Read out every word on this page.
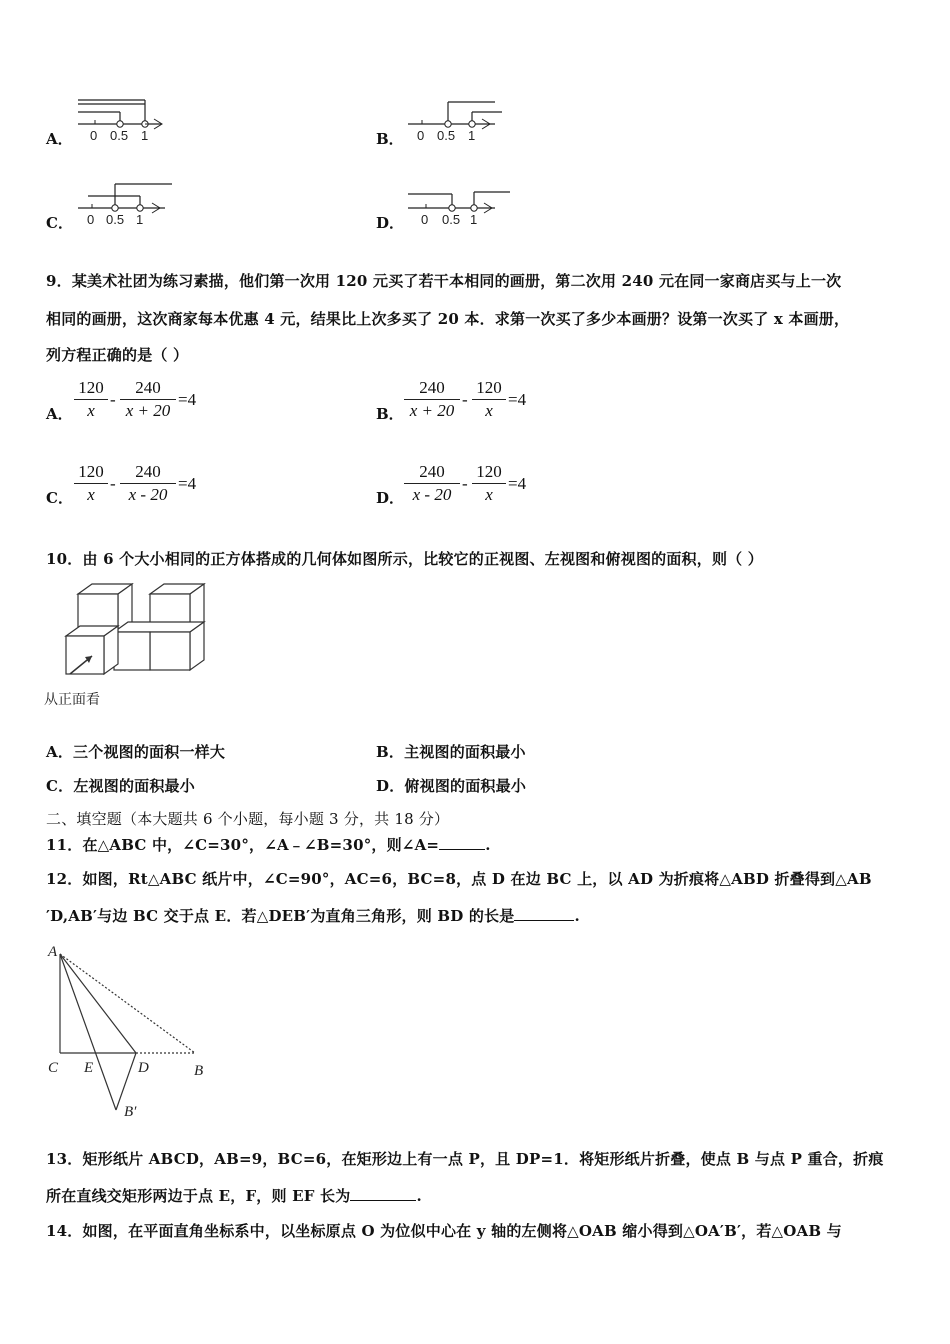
A． 0 0.5 1	B． 0 0.5 1
C． 0 0.5 1	D． 0 0.5 1
9．某美术社团为练习素描，他们第一次用 120 元买了若干本相同的画册，第二次用 240 元在同一家商店买与上一次
相同的画册，这次商家每本优惠 4 元，结果比上次多买了 20 本．求第一次买了多少本画册？设第一次买了 x 本画册，
列方程正确的是（ ）
A．
120
x
-
240
x + 20
=4
B．
240
x + 20
-
120
x
=4
C．
120
x
-
240
x - 20
=4
D．
240
x - 20
-
120
x
=4
10．由 6 个大小相同的正方体搭成的几何体如图所示，比较它的正视图、左视图和俯视图的面积，则（ ）
从正面看
A．三个视图的面积一样大	B．主视图的面积最小
C．左视图的面积最小	D．俯视图的面积最小
二、填空题（本大题共 6 个小题，每小题 3 分，共 18 分）
11．在△ABC 中，∠C=30°，∠A﹣∠B=30°，则∠A=	.
12．如图，Rt△ABC 纸片中，∠C=90°，AC=6，BC=8，点 D 在边 BC 上，以 AD 为折痕将△ABD 折叠得到△AB
′D,AB′与边 BC 交于点 E．若△DEB′为直角三角形，则 BD 的长是	.
A
C E	D	B
B′
13．矩形纸片 ABCD，AB=9，BC=6，在矩形边上有一点 P，且 DP=1．将矩形纸片折叠，使点 B 与点 P 重合，折痕
所在直线交矩形两边于点 E，F，则 EF 长为	.
14．如图，在平面直角坐标系中，以坐标原点 O 为位似中心在 y 轴的左侧将△OAB 缩小得到△OA′B′，若△OAB 与
